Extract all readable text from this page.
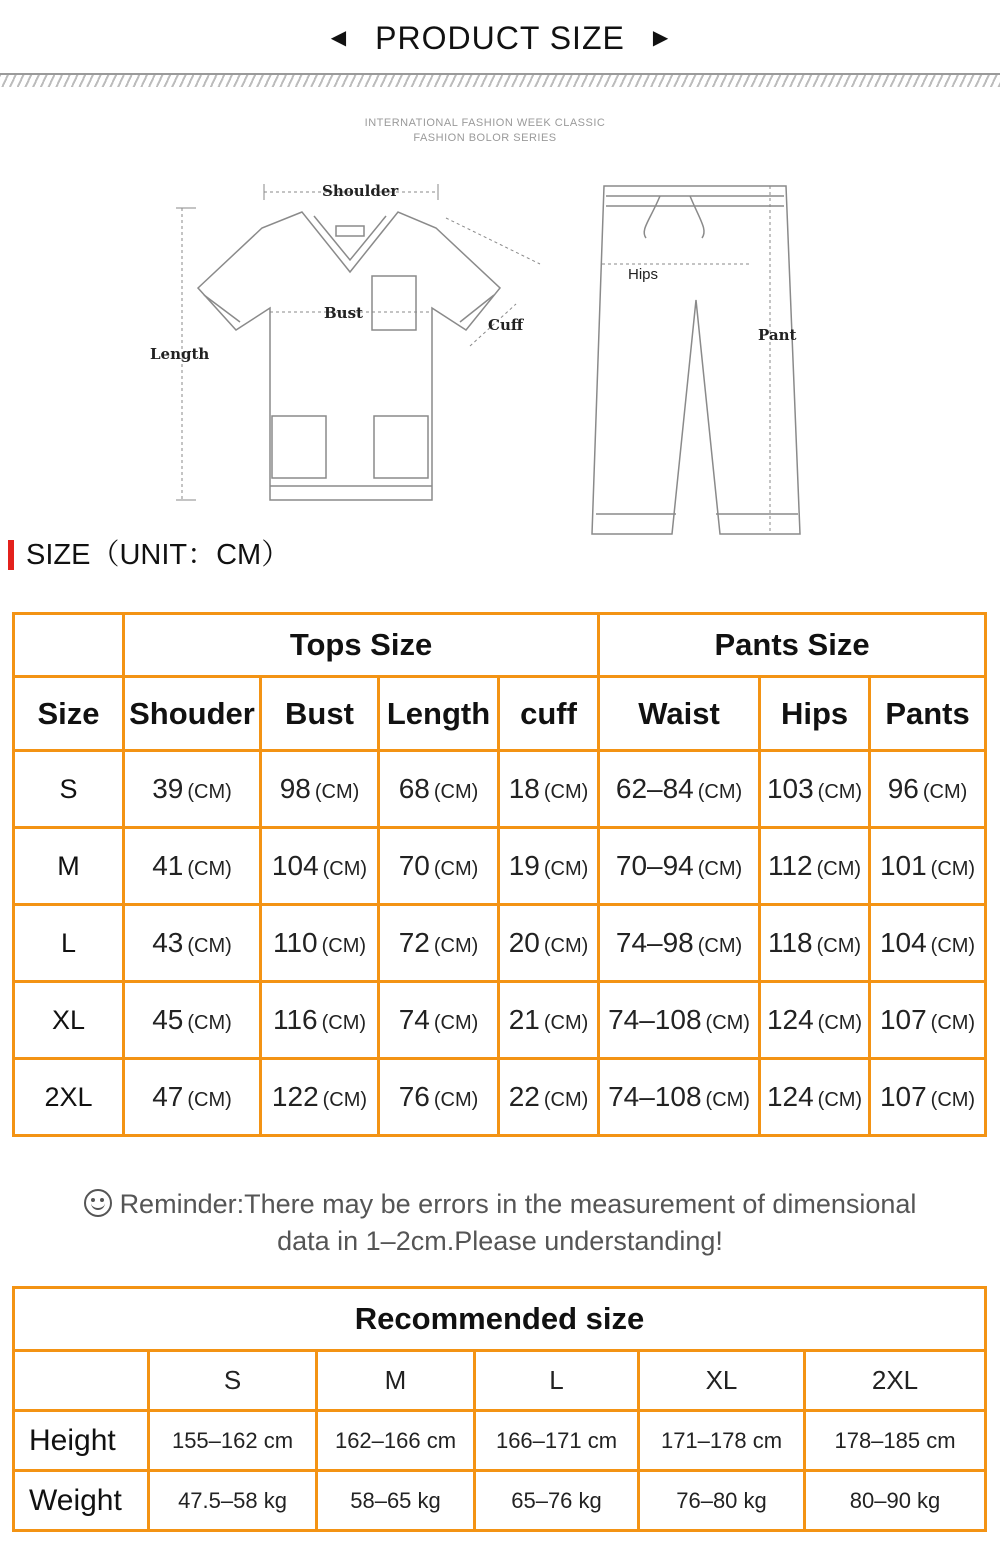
◀ PRODUCT SIZE ▶
INTERNATIONAL FASHION WEEK CLASSIC
FASHION BOLOR SERIES
Shoulder
Bust
Length
Cuff
Hips
Pant
SIZE（UNIT：CM）
	Tops Size				Pants Size		
Size	Shouder	Bust	Length	cuff	Waist	Hips	Pants
S	39 (CM)	98 (CM)	68 (CM)	18 (CM)	62–84 (CM)	103 (CM)	96 (CM)
M	41 (CM)	104 (CM)	70 (CM)	19 (CM)	70–94 (CM)	112 (CM)	101 (CM)
L	43 (CM)	110 (CM)	72 (CM)	20 (CM)	74–98 (CM)	118 (CM)	104 (CM)
XL	45 (CM)	116 (CM)	74 (CM)	21 (CM)	74–108 (CM)	124 (CM)	107 (CM)
2XL	47 (CM)	122 (CM)	76 (CM)	22 (CM)	74–108 (CM)	124 (CM)	107 (CM)
Reminder:There may be errors in the measurement of dimensional
data in 1–2cm.Please understanding!
Recommended size					
	S	M	L	XL	2XL
Height	155–162 cm	162–166 cm	166–171 cm	171–178 cm	178–185 cm
Weight	47.5–58 kg	58–65 kg	65–76 kg	76–80 kg	80–90 kg
